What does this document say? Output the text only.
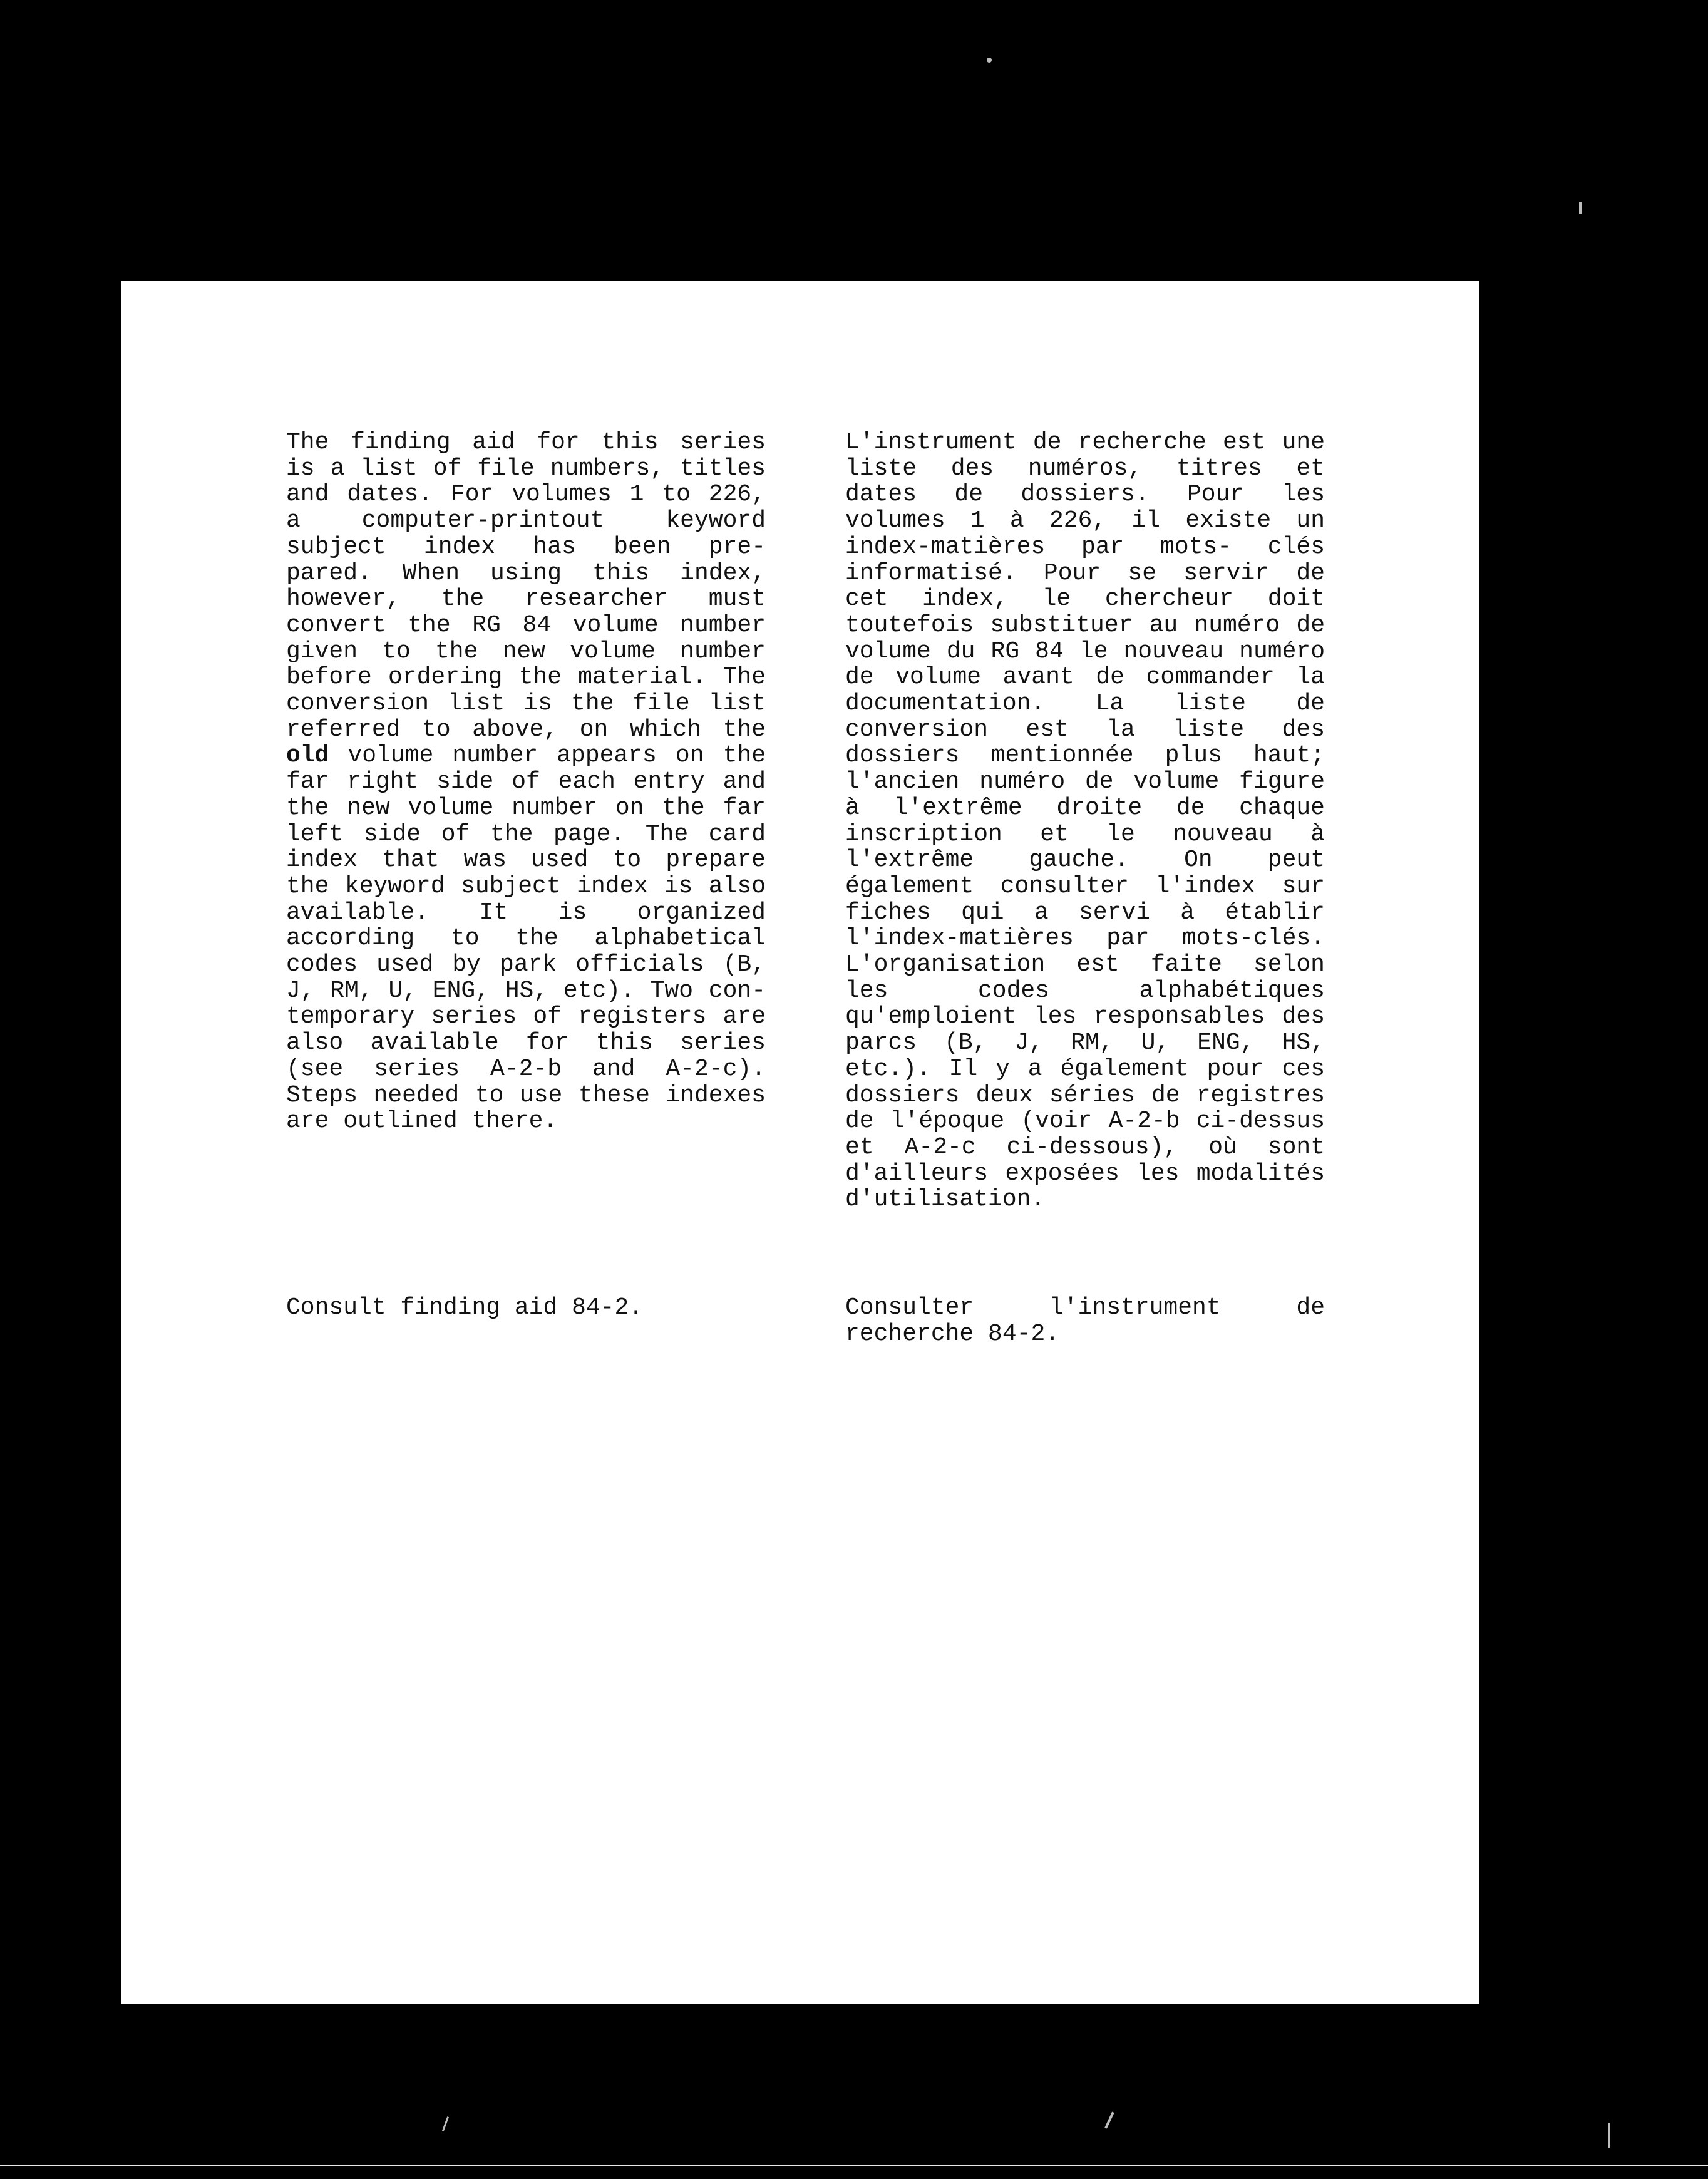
The finding aid for this series is a list of file numbers, titles and dates. For volumes 1 to 226, a computer-printout keyword subject index has been pre- pared. When using this index, however, the researcher must convert the RG 84 volume number given to the new volume number before ordering the material. The conversion list is the file list referred to above, on which the old volume number appears on the far right side of each entry and the new volume number on the far left side of the page. The card index that was used to prepare the keyword subject index is also available. It is organized according to the alphabetical codes used by park officials (B, J, RM, U, ENG, HS, etc). Two con- temporary series of registers are also available for this series (see series A-2-b and A-2-c). Steps needed to use these indexes are outlined there.
L'instrument de recherche est une liste des numéros, titres et dates de dossiers. Pour les volumes 1 à 226, il existe un index-matières par mots- clés informatisé. Pour se servir de cet index, le chercheur doit toutefois substituer au numéro de volume du RG 84 le nouveau numéro de volume avant de commander la documentation. La liste de conversion est la liste des dossiers mentionnée plus haut; l'ancien numéro de volume figure à l'extrême droite de chaque inscription et le nouveau à l'extrême gauche. On peut également consulter l'index sur fiches qui a servi à établir l'index-matières par mots-clés. L'organisation est faite selon les codes alphabétiques qu'emploient les responsables des parcs (B, J, RM, U, ENG, HS, etc.). Il y a également pour ces dossiers deux séries de registres de l'époque (voir A-2-b ci-dessus et A-2-c ci-dessous), où sont d'ailleurs exposées les modalités d'utilisation.
Consult finding aid 84-2.	Consulter l'instrument de recherche 84-2.
